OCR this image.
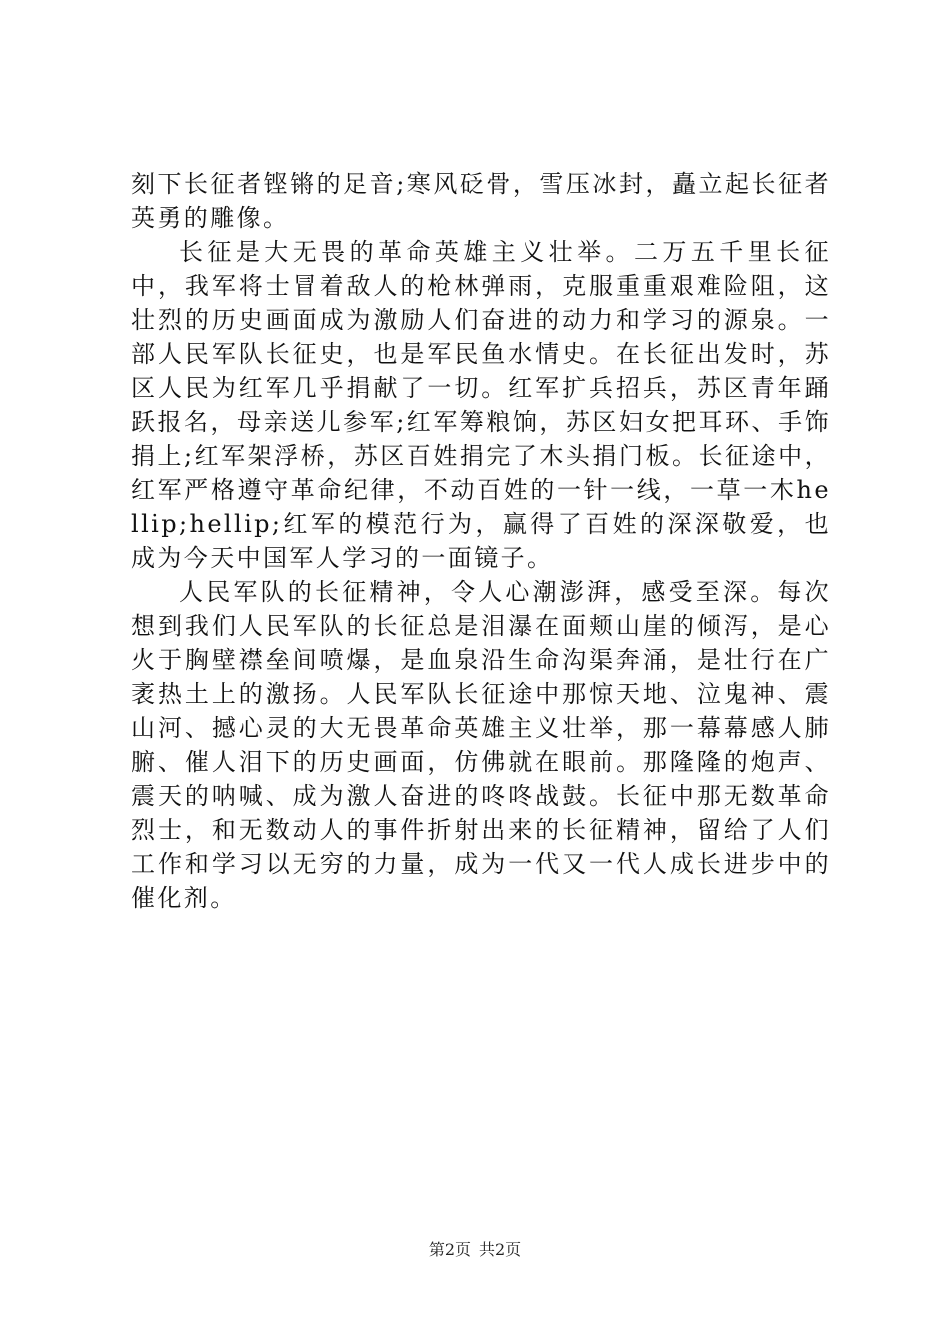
刻下长征者铿锵的足音;寒风砭骨，雪压冰封，矗立起长征者英勇的雕像。

长征是大无畏的革命英雄主义壮举。二万五千里长征中，我军将士冒着敌人的枪林弹雨，克服重重艰难险阻，这壮烈的历史画面成为激励人们奋进的动力和学习的源泉。一部人民军队长征史，也是军民鱼水情史。在长征出发时，苏区人民为红军几乎捐献了一切。红军扩兵招兵，苏区青年踊跃报名，母亲送儿参军;红军筹粮饷，苏区妇女把耳环、手饰捐上;红军架浮桥，苏区百姓捐完了木头捐门板。长征途中，红军严格遵守革命纪律，不动百姓的一针一线，一草一木hellip;hellip;红军的模范行为，赢得了百姓的深深敬爱，也成为今天中国军人学习的一面镜子。

人民军队的长征精神，令人心潮澎湃，感受至深。每次想到我们人民军队的长征总是泪瀑在面颊山崖的倾泻，是心火于胸壁襟垒间喷爆，是血泉沿生命沟渠奔涌，是壮行在广袤热土上的激扬。人民军队长征途中那惊天地、泣鬼神、震山河、撼心灵的大无畏革命英雄主义壮举，那一幕幕感人肺腑、催人泪下的历史画面，仿佛就在眼前。那隆隆的炮声、震天的呐喊、成为激人奋进的咚咚战鼓。长征中那无数革命烈士，和无数动人的事件折射出来的长征精神，留给了人们工作和学习以无穷的力量，成为一代又一代人成长进步中的催化剂。

第2页 共2页
